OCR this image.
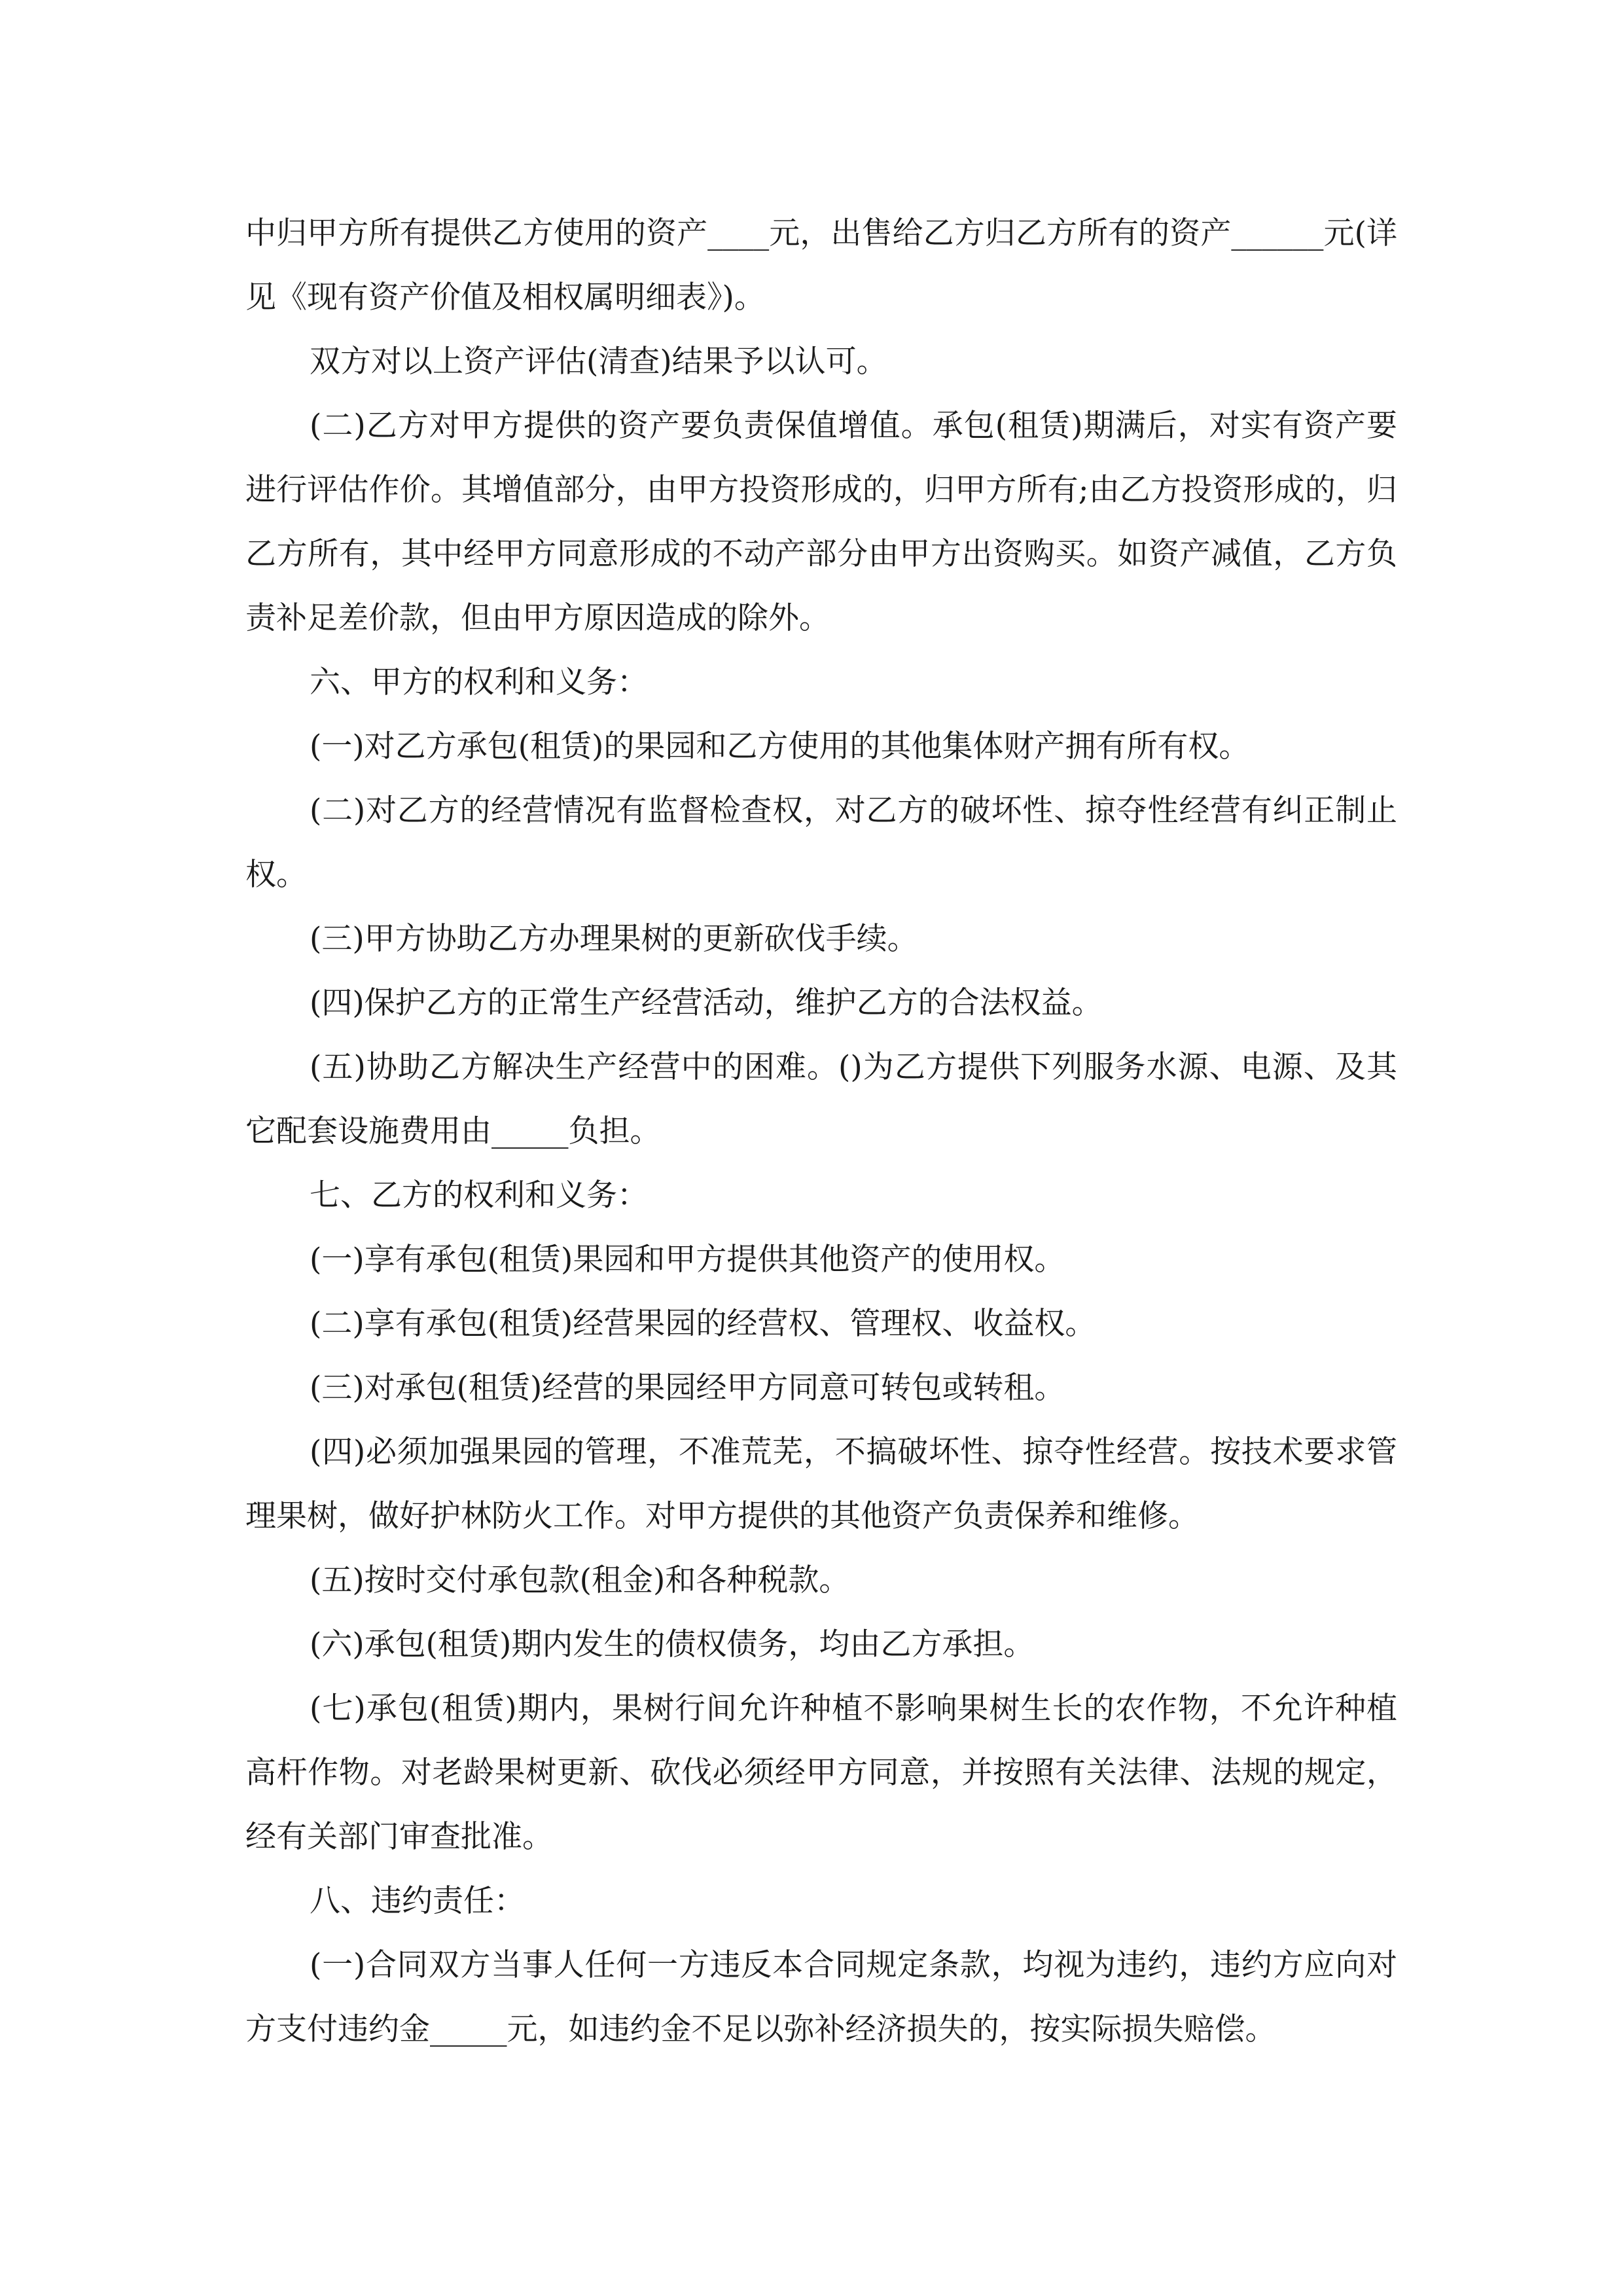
中归甲方所有提供乙方使用的资产____元，出售给乙方归乙方所有的资产______元(详见《现有资产价值及相权属明细表》)。

双方对以上资产评估(清查)结果予以认可。

(二)乙方对甲方提供的资产要负责保值增值。承包(租赁)期满后，对实有资产要进行评估作价。其增值部分，由甲方投资形成的，归甲方所有;由乙方投资形成的，归乙方所有，其中经甲方同意形成的不动产部分由甲方出资购买。如资产减值，乙方负责补足差价款，但由甲方原因造成的除外。

六、甲方的权利和义务：

(一)对乙方承包(租赁)的果园和乙方使用的其他集体财产拥有所有权。

(二)对乙方的经营情况有监督检查权，对乙方的破坏性、掠夺性经营有纠正制止权。

(三)甲方协助乙方办理果树的更新砍伐手续。

(四)保护乙方的正常生产经营活动，维护乙方的合法权益。

(五)协助乙方解决生产经营中的困难。()为乙方提供下列服务水源、电源、及其它配套设施费用由_____负担。

七、乙方的权利和义务：

(一)享有承包(租赁)果园和甲方提供其他资产的使用权。

(二)享有承包(租赁)经营果园的经营权、管理权、收益权。

(三)对承包(租赁)经营的果园经甲方同意可转包或转租。

(四)必须加强果园的管理，不准荒芜，不搞破坏性、掠夺性经营。按技术要求管理果树，做好护林防火工作。对甲方提供的其他资产负责保养和维修。

(五)按时交付承包款(租金)和各种税款。

(六)承包(租赁)期内发生的债权债务，均由乙方承担。

(七)承包(租赁)期内，果树行间允许种植不影响果树生长的农作物，不允许种植高杆作物。对老龄果树更新、砍伐必须经甲方同意，并按照有关法律、法规的规定，经有关部门审查批准。

八、违约责任：

(一)合同双方当事人任何一方违反本合同规定条款，均视为违约，违约方应向对方支付违约金_____元，如违约金不足以弥补经济损失的，按实际损失赔偿。
